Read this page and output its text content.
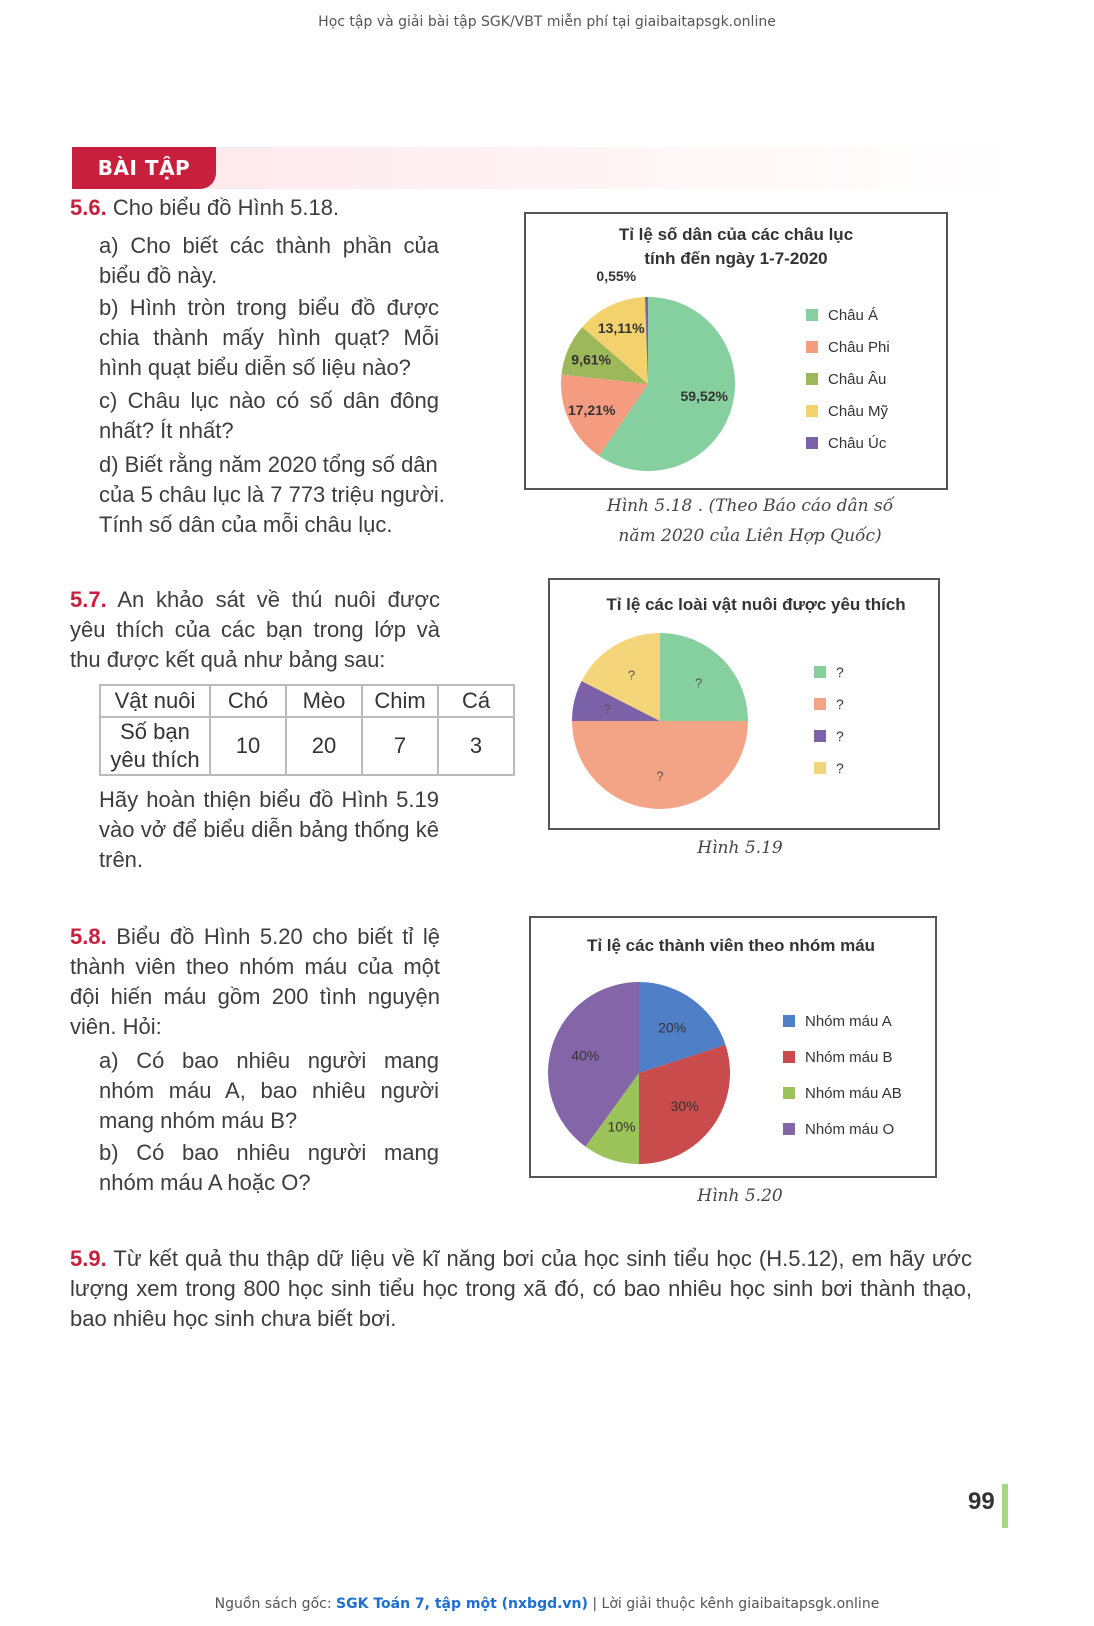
Học tập và giải bài tập SGK/VBT miễn phí tại giaibaitapsgk.online
BÀI TẬP
5.6. Cho biểu đồ Hình 5.18.
a) Cho biết các thành phần của biểu đồ này.
b) Hình tròn trong biểu đồ được chia thành mấy hình quạt? Mỗi hình quạt biểu diễn số liệu nào?
c) Châu lục nào có số dân đông nhất? Ít nhất?
d) Biết rằng năm 2020 tổng số dân của 5 châu lục là 7 773 triệu người. Tính số dân của mỗi châu lục.
Tỉ lệ số dân của các châu lục
tính đến ngày 1-7-2020
59,52%
17,21%
9,61%
13,11%
0,55%
Châu Á
Châu Phi
Châu Âu
Châu Mỹ
Châu Úc
Hình 5.18 . (Theo Báo cáo dân số
năm 2020 của Liên Hợp Quốc)
5.7. An khảo sát về thú nuôi được yêu thích của các bạn trong lớp và thu được kết quả như bảng sau:
Vật nuôi	Chó	Mèo	Chim	Cá
Số bạn yêu thích	10	20	7	3
Hãy hoàn thiện biểu đồ Hình 5.19 vào vở để biểu diễn bảng thống kê trên.
Tỉ lệ các loài vật nuôi được yêu thích
?
?
?
?	?
?
?
?
Hình 5.19
5.8. Biểu đồ Hình 5.20 cho biết tỉ lệ thành viên theo nhóm máu của một đội hiến máu gồm 200 tình nguyện viên. Hỏi:
a) Có bao nhiêu người mang nhóm máu A, bao nhiêu người mang nhóm máu B?
b) Có bao nhiêu người mang nhóm máu A hoặc O?
Tỉ lệ các thành viên theo nhóm máu
20%
30%
10%
40%
Nhóm máu A
Nhóm máu B
Nhóm máu AB
Nhóm máu O
Hình 5.20
5.9. Từ kết quả thu thập dữ liệu về kĩ năng bơi của học sinh tiểu học (H.5.12), em hãy ước lượng xem trong 800 học sinh tiểu học trong xã đó, có bao nhiêu học sinh bơi thành thạo, bao nhiêu học sinh chưa biết bơi.
99
Nguồn sách gốc: SGK Toán 7, tập một (nxbgd.vn) | Lời giải thuộc kênh giaibaitapsgk.online
